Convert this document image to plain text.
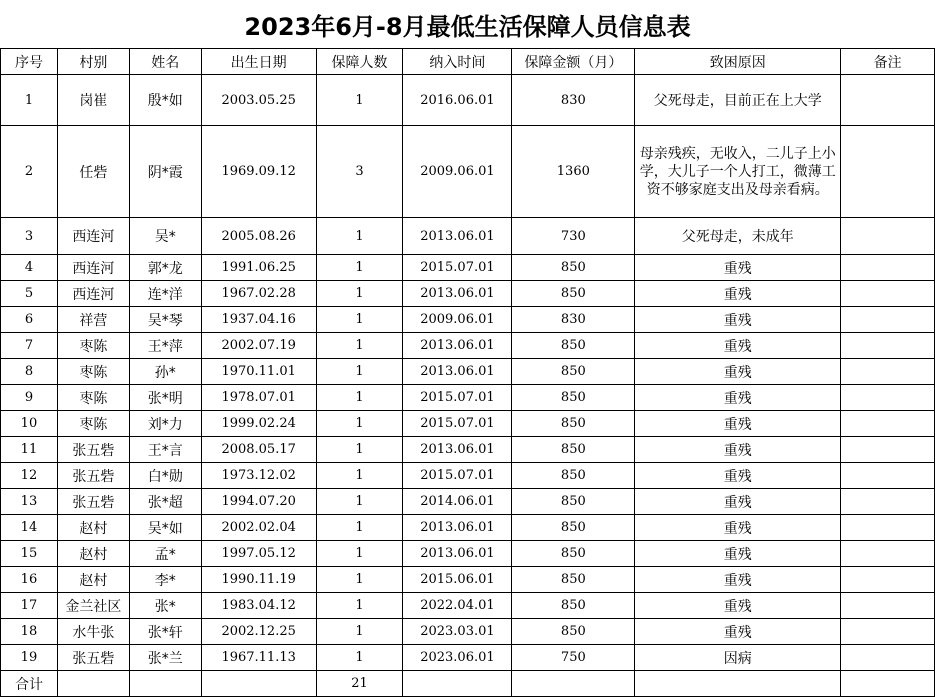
2023年6月-8月最低生活保障人员信息表
序号	村别	姓名	出生日期	保障人数	纳入时间	保障金额（月）	致困原因	备注
1	岗崔	殷*如	2003.05.25	1	2016.06.01	830	父死母走，目前正在上大学	
2	任砦	阴*霞	1969.09.12	3	2009.06.01	1360	母亲残疾，无收入，二儿子上小学，大儿子一个人打工，微薄工资不够家庭支出及母亲看病。	
3	西连河	吴*	2005.08.26	1	2013.06.01	730	父死母走，未成年	
4	西连河	郭*龙	1991.06.25	1	2015.07.01	850	重残	
5	西连河	连*洋	1967.02.28	1	2013.06.01	850	重残	
6	祥营	吴*琴	1937.04.16	1	2009.06.01	830	重残	
7	枣陈	王*萍	2002.07.19	1	2013.06.01	850	重残	
8	枣陈	孙*	1970.11.01	1	2013.06.01	850	重残	
9	枣陈	张*明	1978.07.01	1	2015.07.01	850	重残	
10	枣陈	刘*力	1999.02.24	1	2015.07.01	850	重残	
11	张五砦	王*言	2008.05.17	1	2013.06.01	850	重残	
12	张五砦	白*勋	1973.12.02	1	2015.07.01	850	重残	
13	张五砦	张*超	1994.07.20	1	2014.06.01	850	重残	
14	赵村	吴*如	2002.02.04	1	2013.06.01	850	重残	
15	赵村	孟*	1997.05.12	1	2013.06.01	850	重残	
16	赵村	李*	1990.11.19	1	2015.06.01	850	重残	
17	金兰社区	张*	1983.04.12	1	2022.04.01	850	重残	
18	水牛张	张*轩	2002.12.25	1	2023.03.01	850	重残	
19	张五砦	张*兰	1967.11.13	1	2023.06.01	750	因病	
合计				21				
